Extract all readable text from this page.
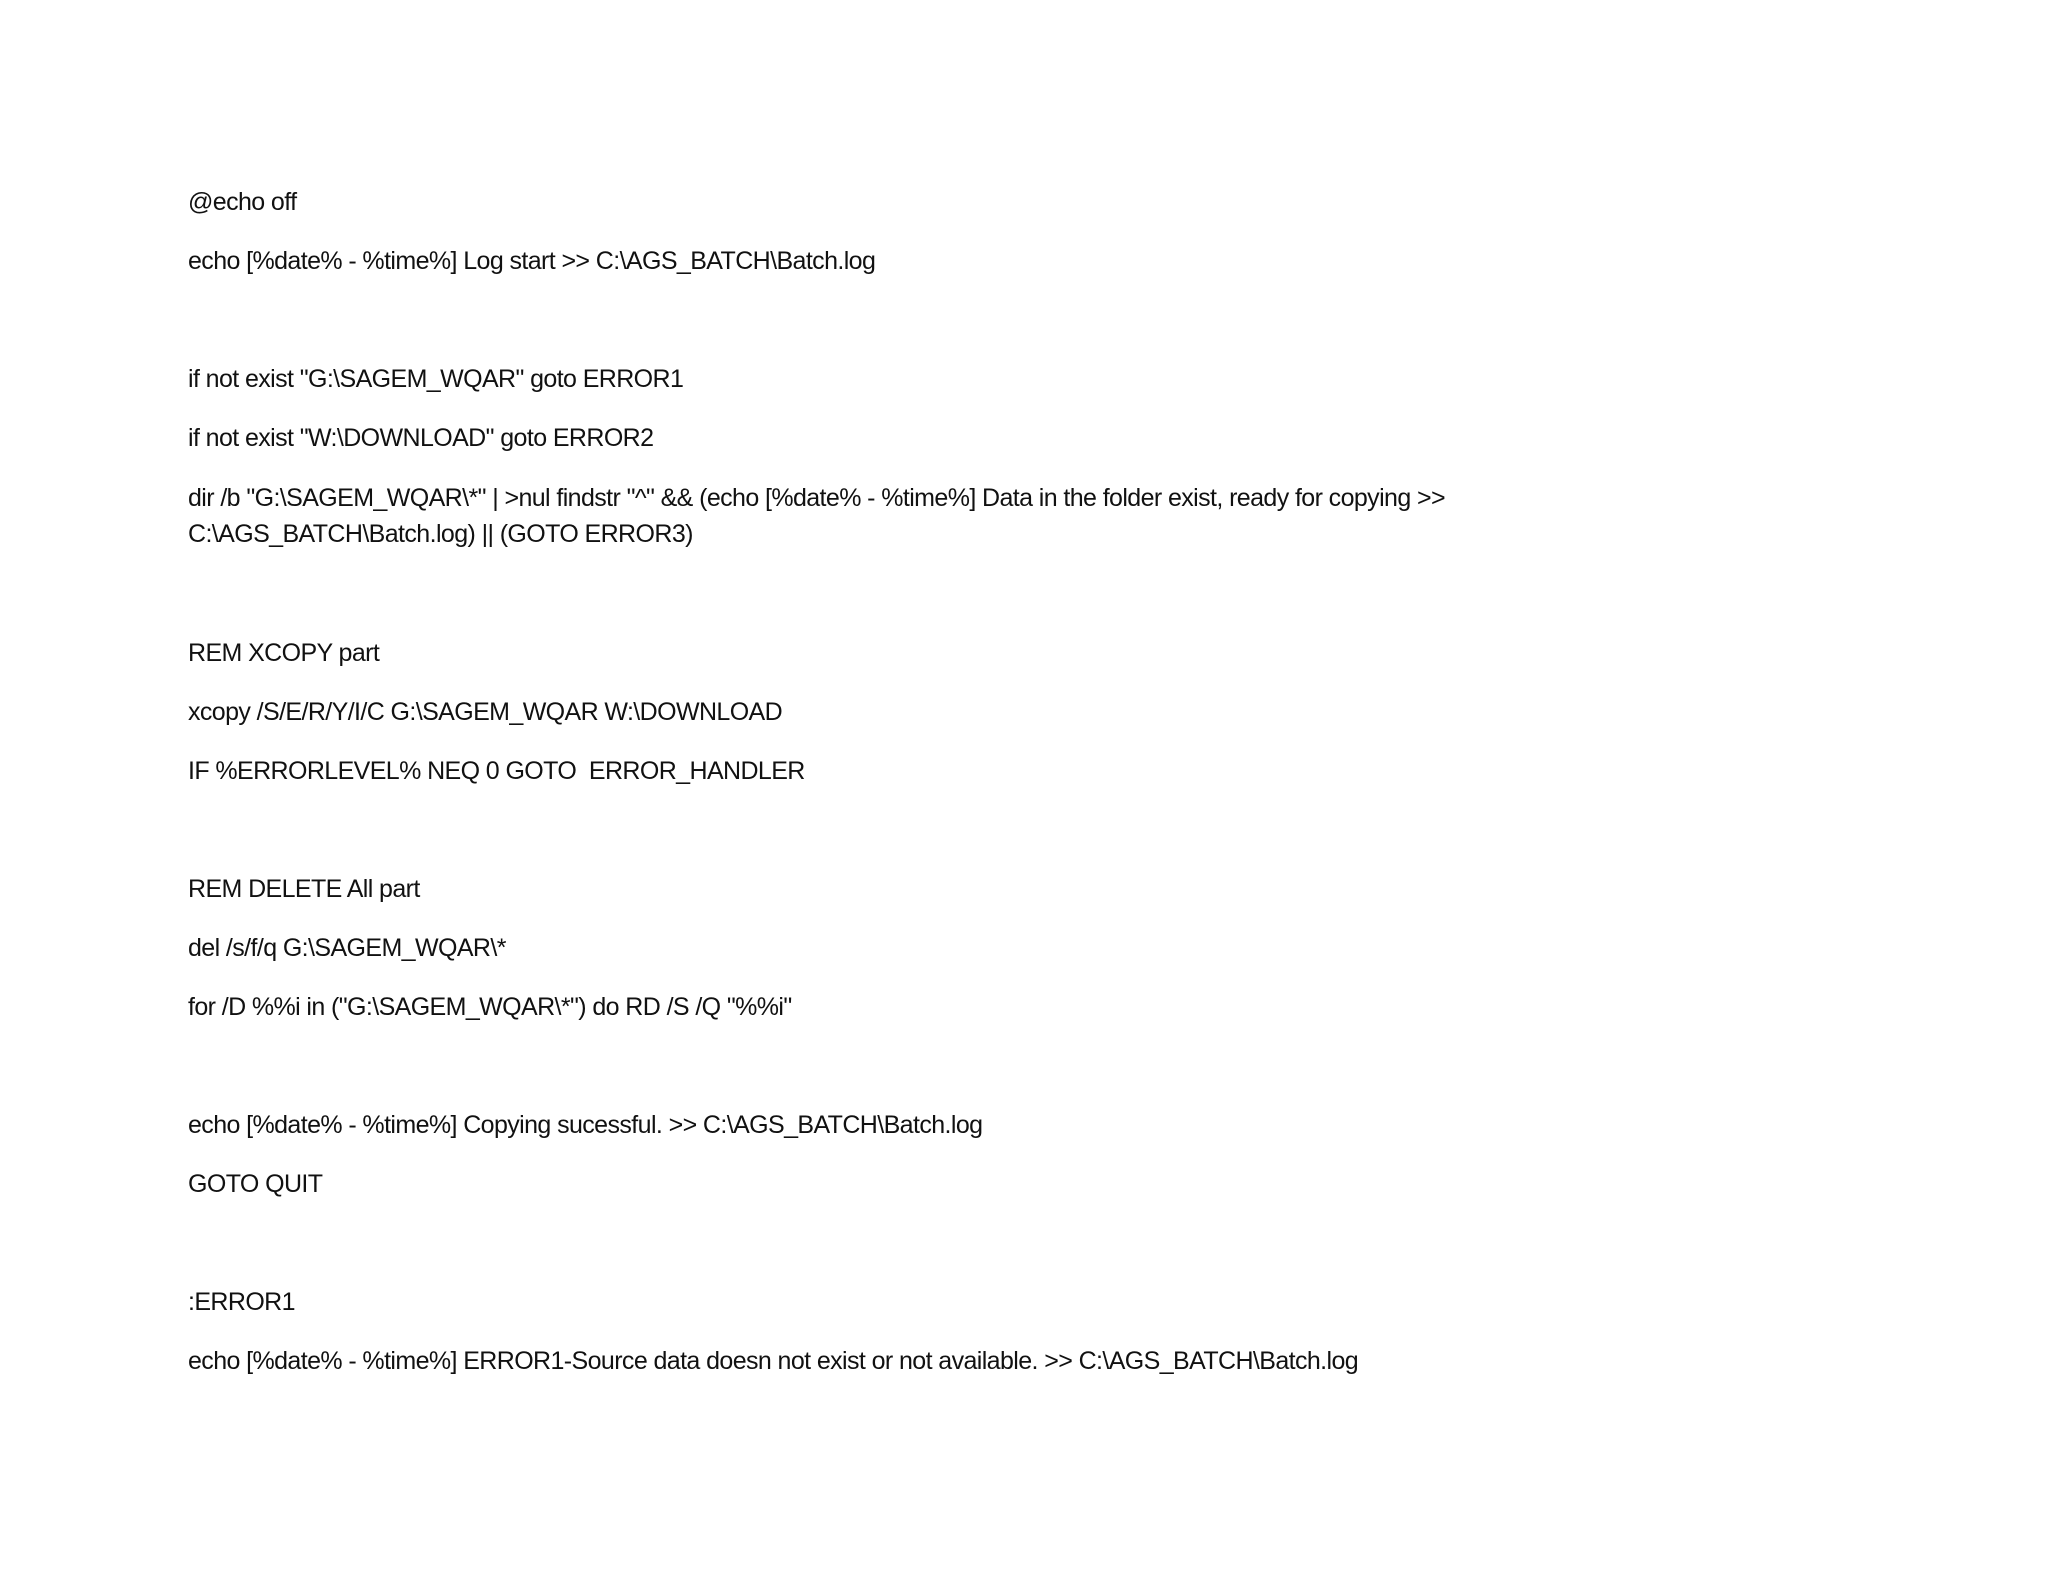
@echo off

echo [%date% - %time%] Log start >> C:\AGS_BATCH\Batch.log

if not exist "G:\SAGEM_WQAR" goto ERROR1

if not exist "W:\DOWNLOAD" goto ERROR2

dir /b "G:\SAGEM_WQAR\*" | >nul findstr "^" && (echo [%date% - %time%] Data in the folder exist, ready for copying >>

C:\AGS_BATCH\Batch.log) || (GOTO ERROR3)

REM XCOPY part

xcopy /S/E/R/Y/I/C G:\SAGEM_WQAR W:\DOWNLOAD

IF %ERRORLEVEL% NEQ 0 GOTO  ERROR_HANDLER

REM DELETE All part

del /s/f/q G:\SAGEM_WQAR\*

for /D %%i in ("G:\SAGEM_WQAR\*") do RD /S /Q "%%i"

echo [%date% - %time%] Copying sucessful. >> C:\AGS_BATCH\Batch.log

GOTO QUIT

:ERROR1

echo [%date% - %time%] ERROR1-Source data doesn not exist or not available. >> C:\AGS_BATCH\Batch.log
